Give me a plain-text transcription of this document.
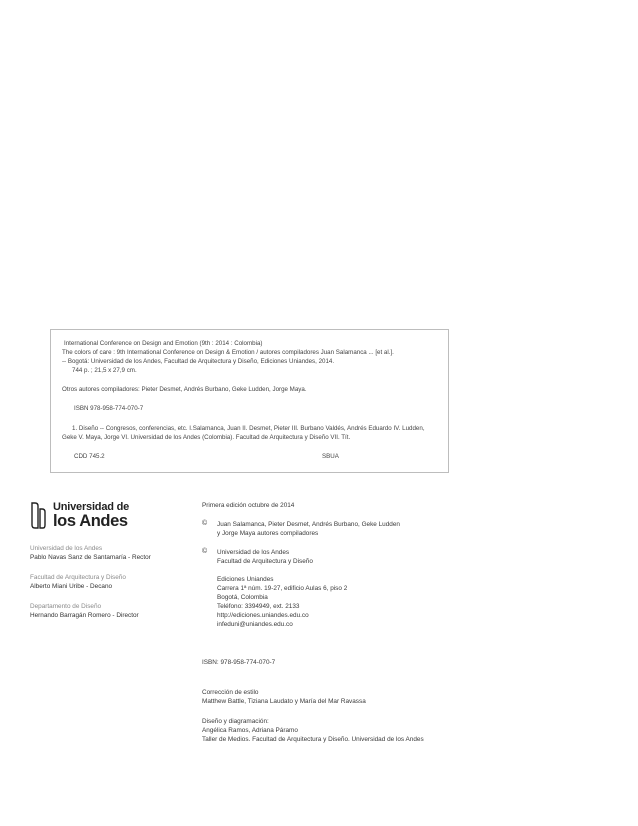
International Conference on Design and Emotion (9th : 2014 : Colombia)
The colors of care : 9th International Conference on Design & Emotion / autores compiladores Juan Salamanca ... [et al.].
-- Bogotá: Universidad de los Andes, Facultad de Arquitectura y Diseño, Ediciones Uniandes, 2014.
744 p. ; 21,5 x 27,9 cm.
Otros autores compiladores: Pieter Desmet, Andrés Burbano, Geke Ludden, Jorge Maya.
ISBN 978-958-774-070-7
1. Diseño -- Congresos, conferencias, etc. I.Salamanca, Juan II. Desmet, Pieter III. Burbano Valdés, Andrés Eduardo IV. Ludden,
Geke V. Maya, Jorge VI. Universidad de los Andes (Colombia). Facultad de Arquitectura y Diseño VII. Tít.
CDD 745.2	SBUA
Universidad de
los Andes
Universidad de los Andes
Pablo Navas Sanz de Santamaría - Rector
Facultad de Arquitectura y Diseño
Alberto Miani Uribe - Decano
Departamento de Diseño
Hernando Barragán Romero - Director
Primera edición octubre de 2014
© Juan Salamanca, Pieter Desmet, Andrés Burbano, Geke Ludden
y Jorge Maya autores compiladores
© Universidad de los Andes
Facultad de Arquitectura y Diseño
Ediciones Uniandes
Carrera 1ª núm. 19-27, edificio Aulas 6, piso 2
Bogotá, Colombia
Teléfono: 3394949, ext. 2133
http://ediciones.uniandes.edu.co
infeduni@uniandes.edu.co
ISBN: 978-958-774-070-7
Corrección de estilo
Matthew Battle, Tiziana Laudato y María del Mar Ravassa
Diseño y diagramación:
Angélica Ramos, Adriana Páramo
Taller de Medios. Facultad de Arquitectura y Diseño. Universidad de los Andes
